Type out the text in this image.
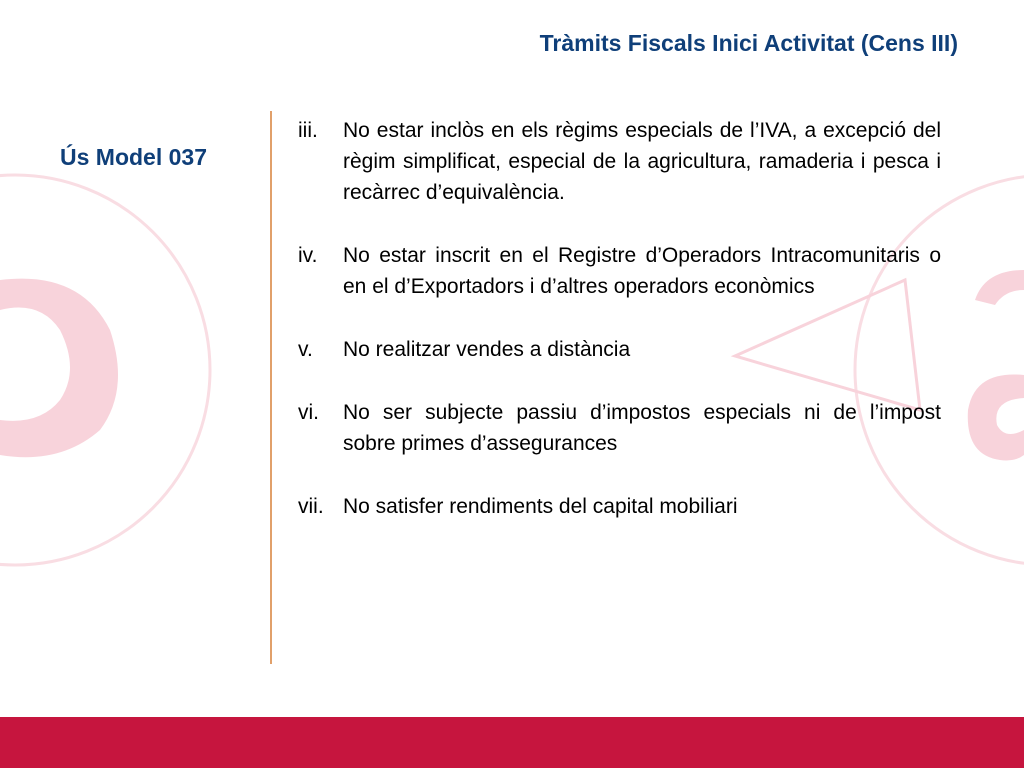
Tràmits Fiscals Inici Activitat (Cens III)
Ús Model 037
iii.	No estar inclòs en els règims especials de l’IVA, a excepció del règim simplificat, especial de la agricultura, ramaderia i pesca i recàrrec d’equivalència.
iv.	No estar inscrit en el Registre d’Operadors Intracomunitaris o en el d’Exportadors i d’altres operadors econòmics
v.	No realitzar vendes a distància
vi.	No ser subjecte passiu d’impostos especials ni de l’impost sobre primes d’assegurances
vii. No satisfer rendiments del capital mobiliari
